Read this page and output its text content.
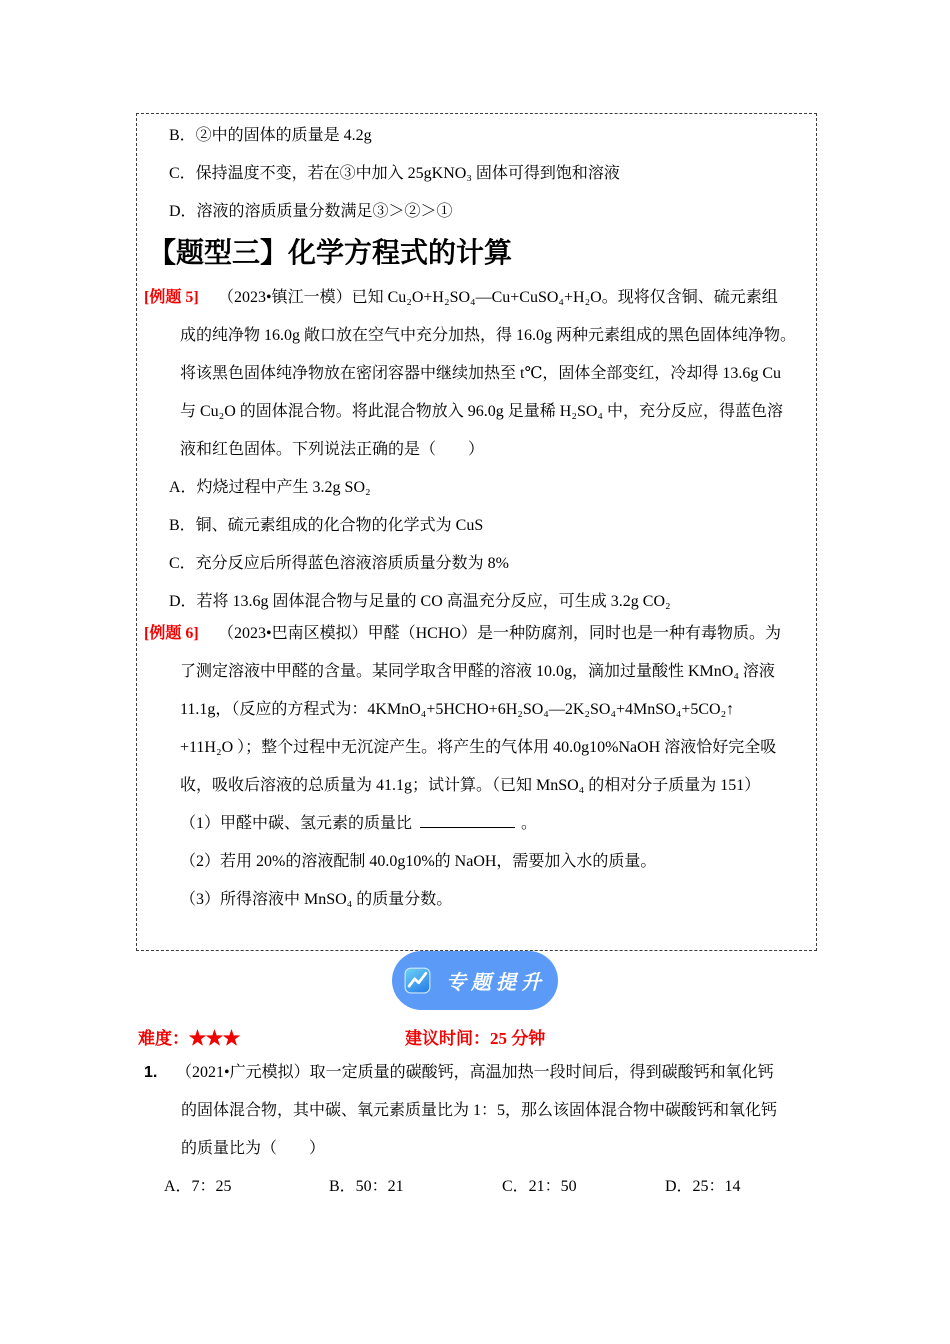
B．②中的固体的质量是 4.2g
C．保持温度不变，若在③中加入 25gKNO₃ 固体可得到饱和溶液
D．溶液的溶质质量分数满足③＞②＞①
【题型三】化学方程式的计算
[例题 5] （2023•镇江一模）已知 Cu₂O+H₂SO₄—Cu+CuSO₄+H₂O。现将仅含铜、硫元素组
成的纯净物 16.0g 敞口放在空气中充分加热，得 16.0g 两种元素组成的黑色固体纯净物。
将该黑色固体纯净物放在密闭容器中继续加热至 t℃，固体全部变红，冷却得 13.6g Cu
与 Cu₂O 的固体混合物。将此混合物放入 96.0g 足量稀 H₂SO₄ 中，充分反应，得蓝色溶
液和红色固体。下列说法正确的是（　　）
A．灼烧过程中产生 3.2g SO₂
B．铜、硫元素组成的化合物的化学式为 CuS
C．充分反应后所得蓝色溶液溶质质量分数为 8%
D．若将 13.6g 固体混合物与足量的 CO 高温充分反应，可生成 3.2g CO₂
[例题 6] （2023•巴南区模拟）甲醛（HCHO）是一种防腐剂，同时也是一种有毒物质。为
了测定溶液中甲醛的含量。某同学取含甲醛的溶液 10.0g，滴加过量酸性 KMnO₄ 溶液
11.1g，（反应的方程式为：4KMnO₄+5HCHO+6H₂SO₄—2K₂SO₄+4MnSO₄+5CO₂↑
+11H₂O ）；整个过程中无沉淀产生。将产生的气体用 40.0g10%NaOH 溶液恰好完全吸
收，吸收后溶液的总质量为 41.1g；试计算。（已知 MnSO₄ 的相对分子质量为 151）
（1）甲醛中碳、氢元素的质量比	。
（2）若用 20%的溶液配制 40.0g10%的 NaOH，需要加入水的质量。
（3）所得溶液中 MnSO₄ 的质量分数。
专题提升
难度：★★★	建议时间：25 分钟
1. （2021•广元模拟）取一定质量的碳酸钙，高温加热一段时间后，得到碳酸钙和氧化钙
的固体混合物，其中碳、氧元素质量比为 1：5，那么该固体混合物中碳酸钙和氧化钙
的质量比为（　　）
A．7：25	B．50：21	C．21：50	D．25：14
